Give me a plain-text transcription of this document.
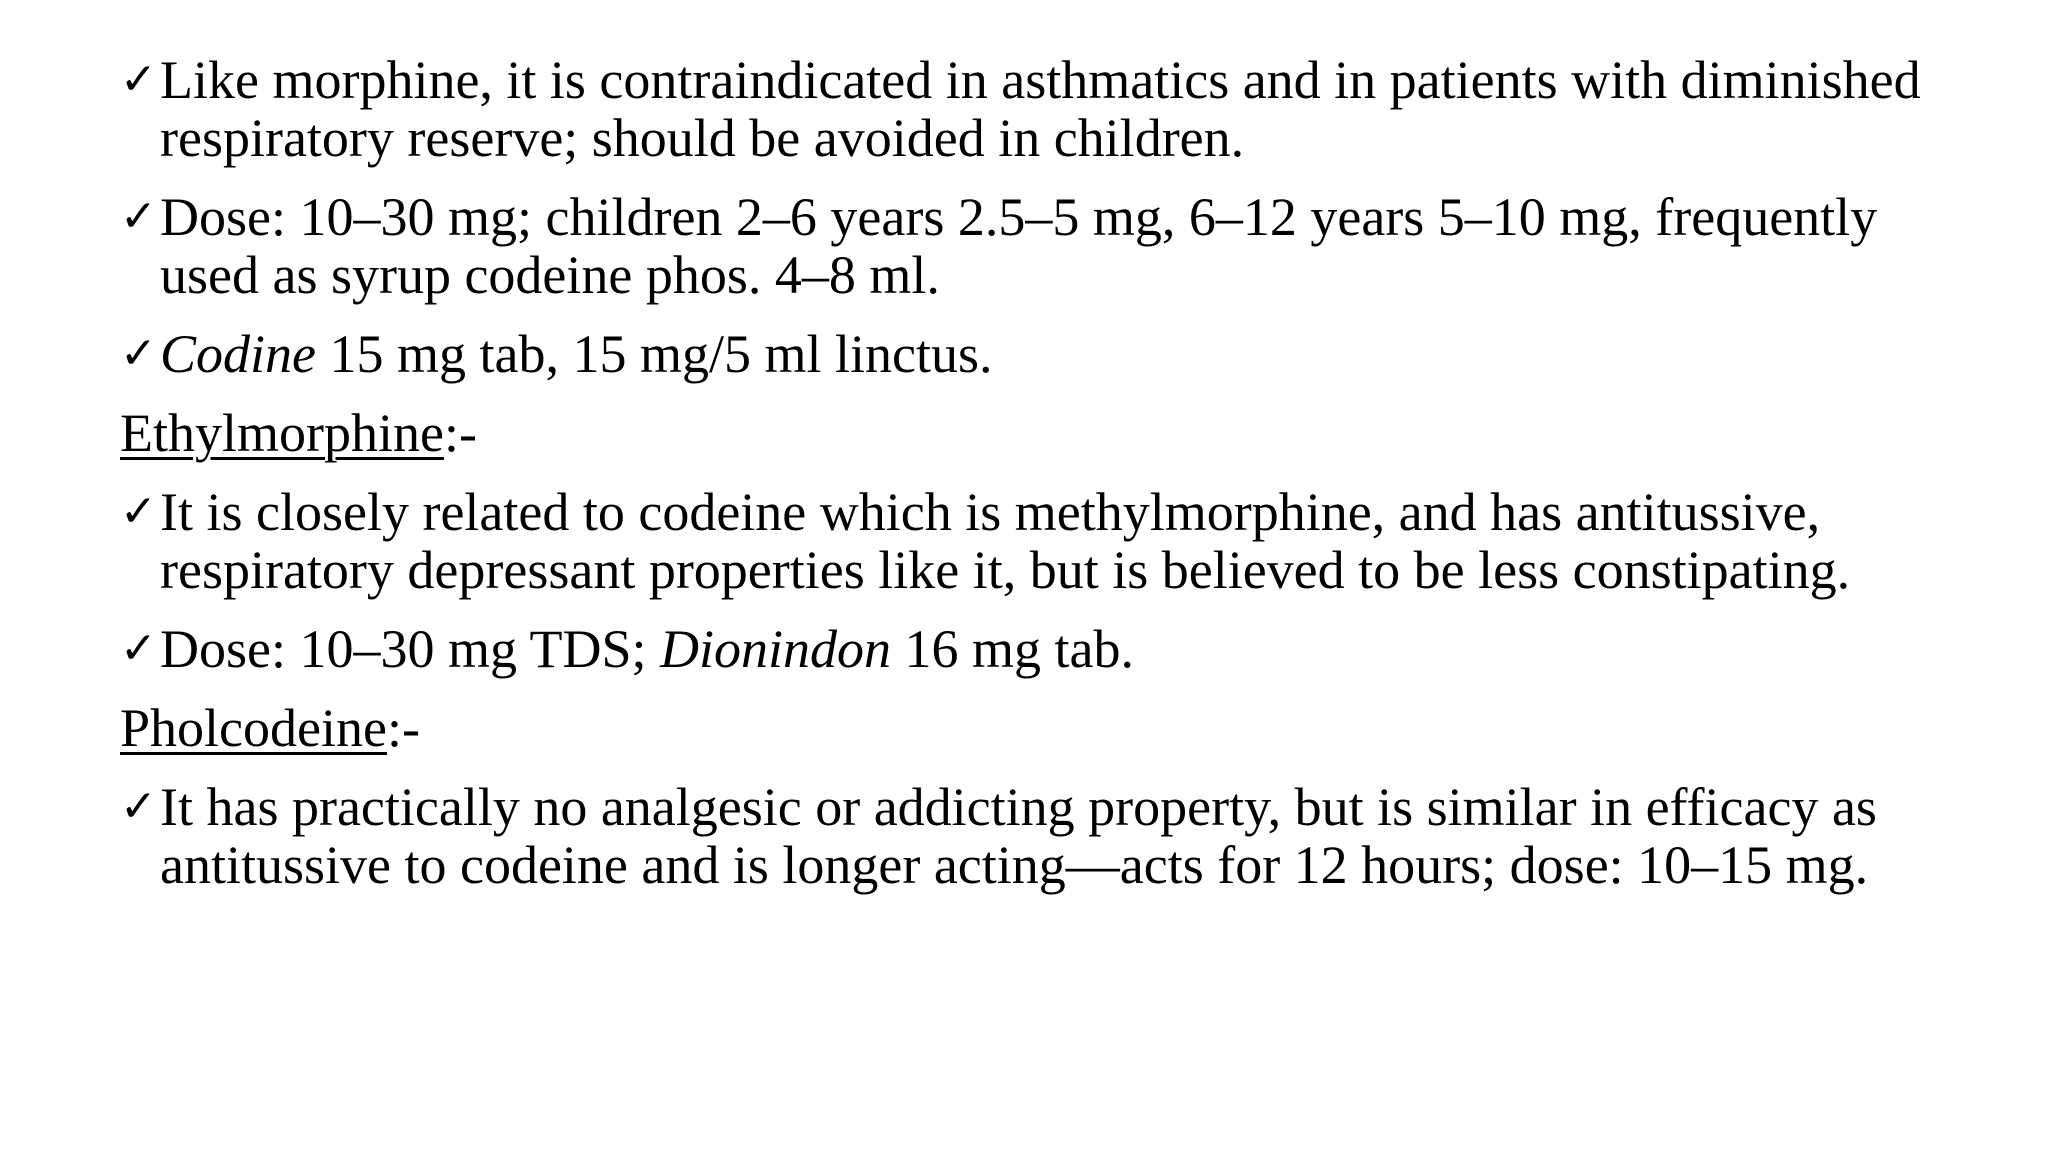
✓ Like morphine, it is contraindicated in asthmatics and in patients with diminished respiratory reserve; should be avoided in children.
✓ Dose: 10–30 mg; children 2–6 years 2.5–5 mg, 6–12 years 5–10 mg, frequently used as syrup codeine phos. 4–8 ml.
✓ Codine 15 mg tab, 15 mg/5 ml linctus.
Ethylmorphine:-
✓ It is closely related to codeine which is methylmorphine, and has antitussive, respiratory depressant properties like it, but is believed to be less constipating.
✓ Dose: 10–30 mg TDS; Dionindon 16 mg tab.
Pholcodeine:-
✓ It has practically no analgesic or addicting property, but is similar in efficacy as antitussive to codeine and is longer acting—acts for 12 hours; dose: 10–15 mg.
